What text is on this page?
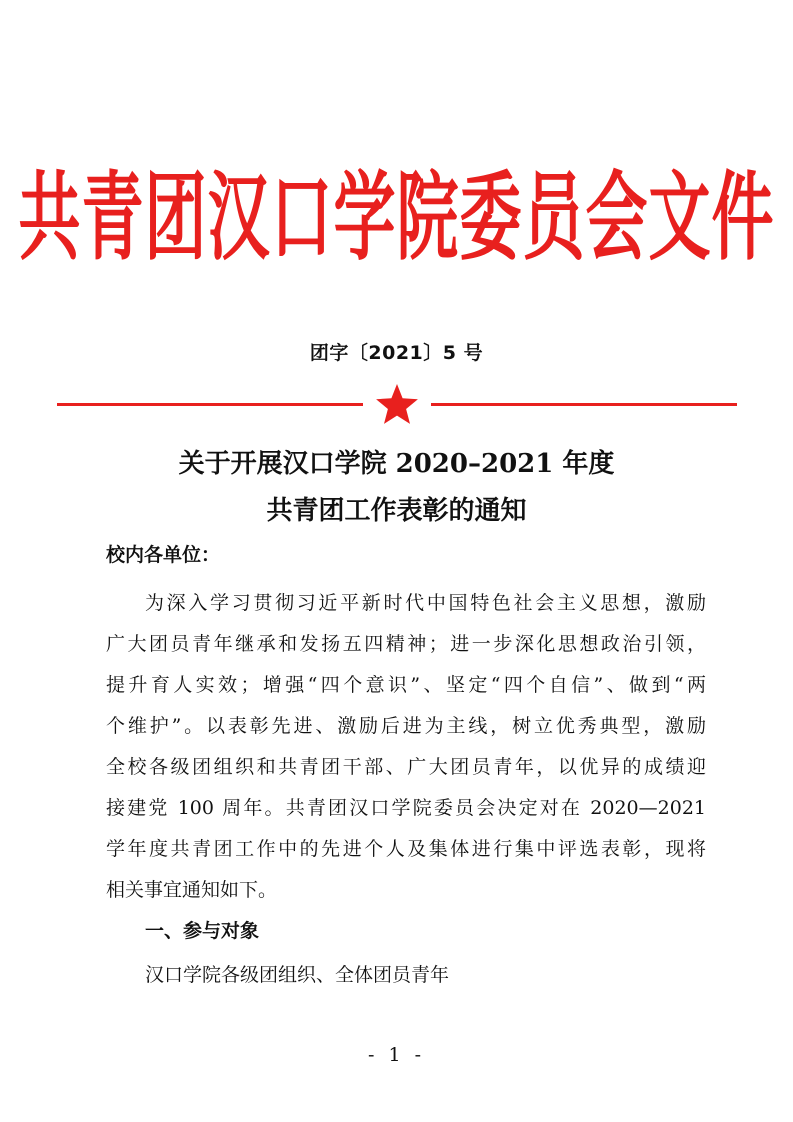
共青团汉口学院委员会文件
团字〔2021〕5 号
关于开展汉口学院 2020–2021 年度
共青团工作表彰的通知
校内各单位：
为深入学习贯彻习近平新时代中国特色社会主义思想，激励
广大团员青年继承和发扬五四精神；进一步深化思想政治引领，
提升育人实效；增强“四个意识”、坚定“四个自信”、做到“两
个维护”。以表彰先进、激励后进为主线，树立优秀典型，激励
全校各级团组织和共青团干部、广大团员青年，以优异的成绩迎
接建党 100 周年。共青团汉口学院委员会决定对在 2020—2021
学年度共青团工作中的先进个人及集体进行集中评选表彰，现将
相关事宜通知如下。
一、参与对象
汉口学院各级团组织、全体团员青年
- 1 -
